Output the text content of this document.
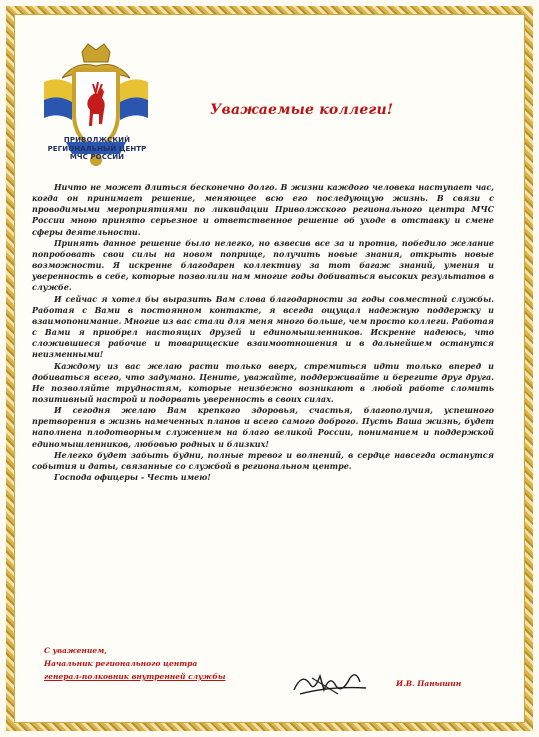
ПРИВОЛЖСКИЙ
РЕГИОНАЛЬНЫЙ ЦЕНТР
МЧС РОССИИ
Уважаемые коллеги!

Ничто не может длиться бесконечно долго. В жизни каждого человека наступает час, когда он принимает решение, меняющее всю его последующую жизнь. В связи с проводимыми мероприятиями по ликвидации Приволжского регионального центра МЧС России мною принято серьезное и ответственное решение об уходе в отставку и смене сферы деятельности.

Принять данное решение было нелегко, но взвесив все за и против, победило желание попробовать свои силы на новом поприще, получить новые знания, открыть новые возможности. Я искренне благодарен коллективу за тот багаж знаний, умения и уверенность в себе, которые позволили нам многие годы добиваться высоких результатов в службе.

И сейчас я хотел бы выразить Вам слова благодарности за годы совместной службы. Работая с Вами в постоянном контакте, я всегда ощущал надежную поддержку и взаимопонимание. Многие из вас стали для меня много больше, чем просто коллеги. Работая с Вами я приобрел настоящих друзей и единомышленников. Искренне надеюсь, что сложившиеся рабочие и товарищеские взаимоотношения и в дальнейшем останутся неизменными!

Каждому из вас желаю расти только вверх, стремиться идти только вперед и добиваться всего, что задумано. Цените, уважайте, поддерживайте и берегите друг друга. Не позволяйте трудностям, которые неизбежно возникают в любой работе сломить позитивный настрой и подорвать уверенность в своих силах.

И сегодня желаю Вам крепкого здоровья, счастья, благополучия, успешного претворения в жизнь намеченных планов и всего самого доброго. Пусть Ваша жизнь, будет наполнена плодотворным служением на благо великой России, пониманием и поддержкой единомышленников, любовью родных и близких!

Нелегко будет забыть будни, полные тревог и волнений, в сердце навсегда останутся события и даты, связанные со службой в региональном центре.

Господа офицеры - Честь имею!

С уважением,
Начальник регионального центра
генерал-полковник внутренней службы
И.В. Панышин
